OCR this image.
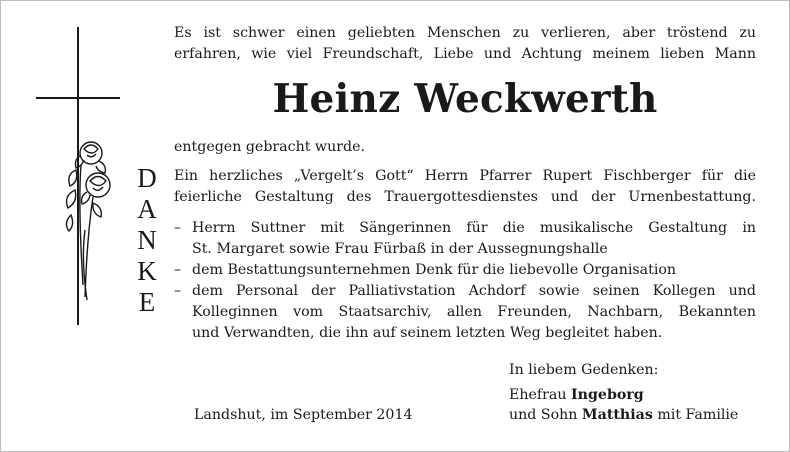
Es ist schwer einen geliebten Menschen zu verlieren, aber tröstend zu
erfahren, wie viel Freundschaft, Liebe und Achtung meinem lieben Mann
Heinz Weckwerth
entgegen gebracht wurde.
D
A
N
K
E
Ein herzliches „Vergelt’s Gott“ Herrn Pfarrer Rupert Fischberger für die
feierliche Gestaltung des Trauergottesdienstes und der Urnenbestattung.
– Herrn Suttner mit Sängerinnen für die musikalische Gestaltung in
St. Margaret sowie Frau Fürbaß in der Aussegnungshalle
– dem Bestattungsunternehmen Denk für die liebevolle Organisation
– dem Personal der Palliativstation Achdorf sowie seinen Kollegen und
Kolleginnen vom Staatsarchiv, allen Freunden, Nachbarn, Bekannten
und Verwandten, die ihn auf seinem letzten Weg begleitet haben.
In liebem Gedenken:
Ehefrau Ingeborg
und Sohn Matthias mit Familie
Landshut, im September 2014
